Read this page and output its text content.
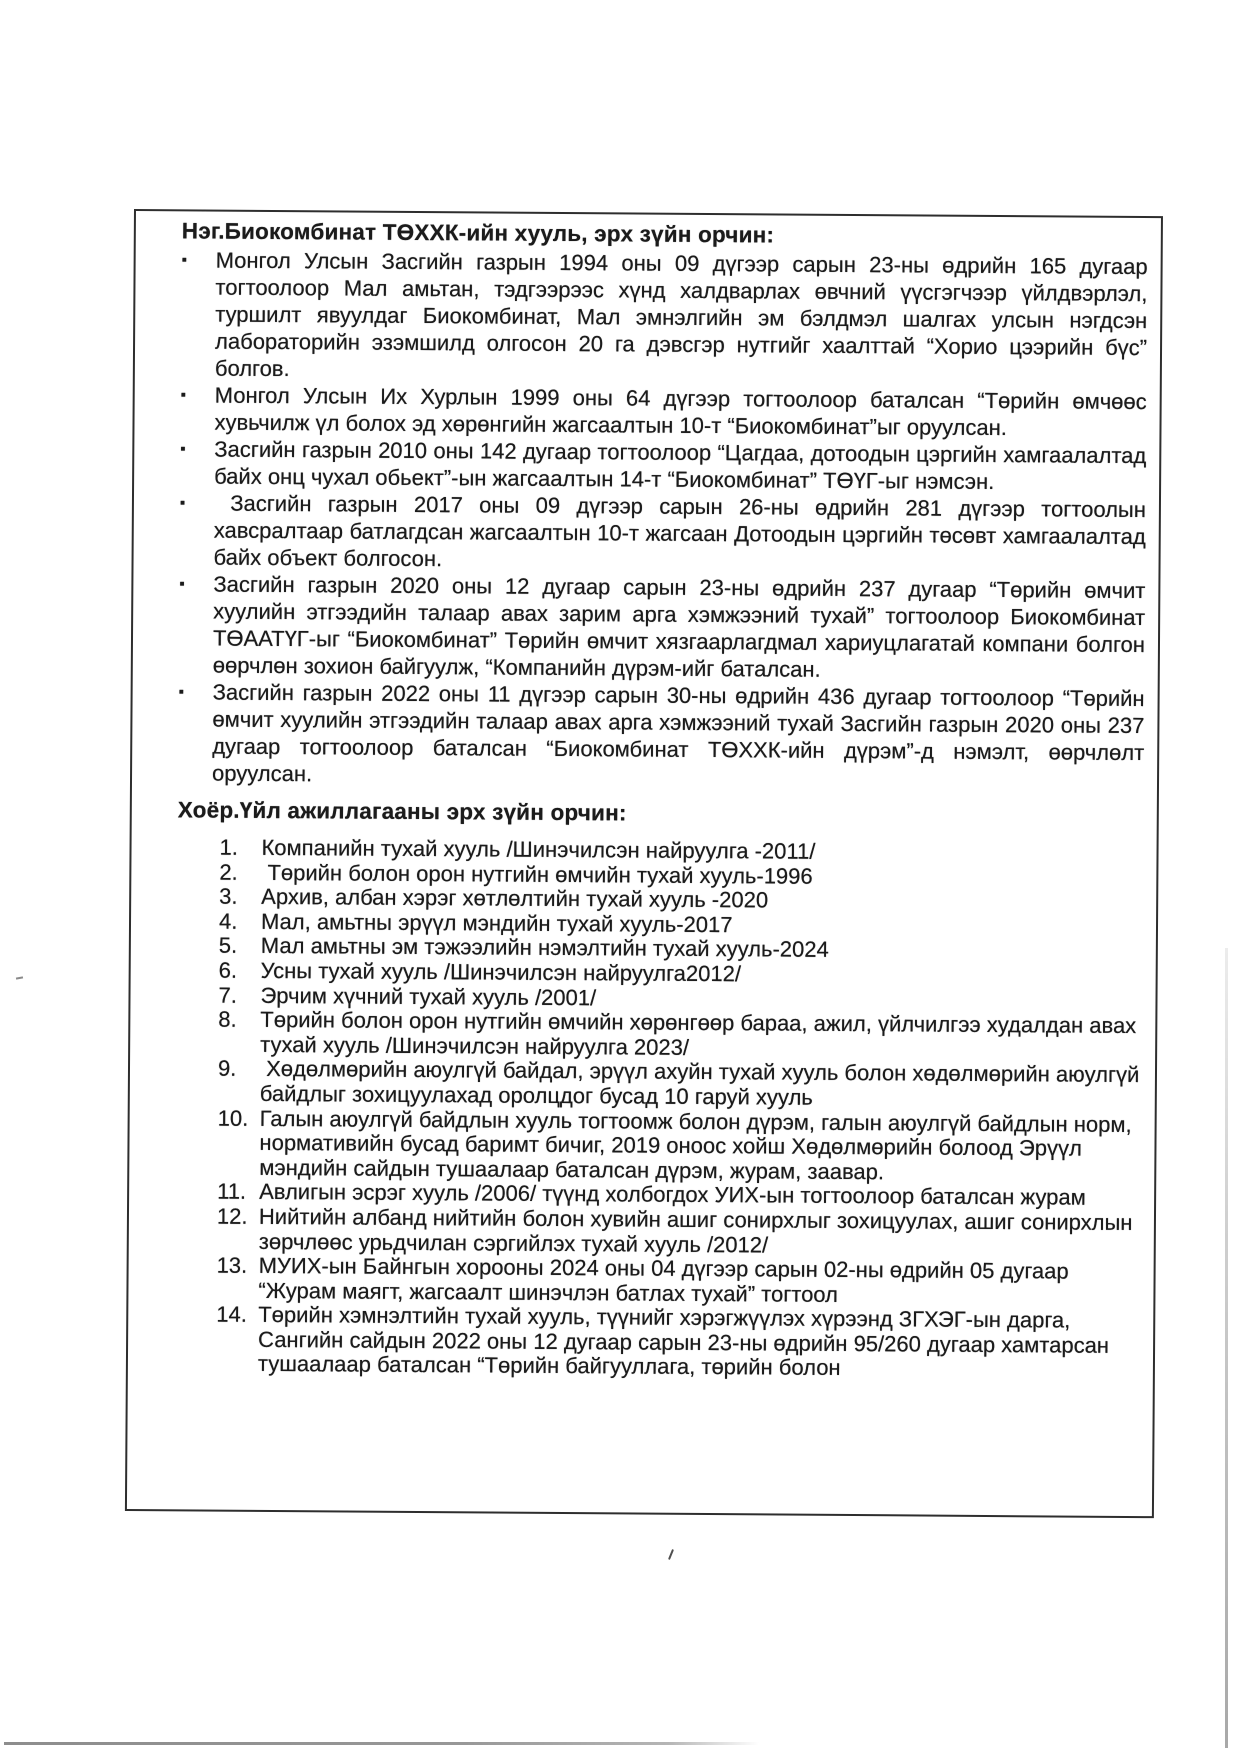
Нэг.Биокомбинат ТӨХХК-ийн хууль, эрх зүйн орчин:
▪ Монгол Улсын Засгийн газрын 1994 оны 09 дүгээр сарын 23-ны өдрийн 165 дугаар тогтоолоор Мал амьтан, тэдгээрээс хүнд халдварлах өвчний үүсгэгчээр үйлдвэрлэл, туршилт явуулдаг Биокомбинат, Мал эмнэлгийн эм бэлдмэл шалгах улсын нэгдсэн лабораторийн эзэмшилд олгосон 20 га дэвсгэр нутгийг хаалттай “Хорио цээрийн бүс” болгов.
▪ Монгол Улсын Их Хурлын 1999 оны 64 дүгээр тогтоолоор баталсан “Төрийн өмчөөс хувьчилж үл болох эд хөрөнгийн жагсаалтын 10-т “Биокомбинат”ыг оруулсан.
▪ Засгийн газрын 2010 оны 142 дугаар тогтоолоор “Цагдаа, дотоодын цэргийн хамгаалалтад байх онц чухал обьект”-ын жагсаалтын 14-т “Биокомбинат” ТӨҮГ-ыг нэмсэн.
▪ Засгийн газрын 2017 оны 09 дүгээр сарын 26-ны өдрийн 281 дүгээр тогтоолын хавсралтаар батлагдсан жагсаалтын 10-т жагсаан Дотоодын цэргийн төсөвт хамгаалалтад байх объект болгосон.
▪ Засгийн газрын 2020 оны 12 дугаар сарын 23-ны өдрийн 237 дугаар “Төрийн өмчит хуулийн этгээдийн талаар авах зарим арга хэмжээний тухай” тогтоолоор Биокомбинат ТӨААТҮГ-ыг “Биокомбинат” Төрийн өмчит хязгаарлагдмал хариуцлагатай компани болгон өөрчлөн зохион байгуулж, “Компанийн дүрэм-ийг баталсан.
▪ Засгийн газрын 2022 оны 11 дүгээр сарын 30-ны өдрийн 436 дугаар тогтоолоор “Төрийн өмчит хуулийн этгээдийн талаар авах арга хэмжээний тухай Засгийн газрын 2020 оны 237 дугаар тогтоолоор баталсан “Биокомбинат ТӨХХК-ийн дүрэм”-д нэмэлт, өөрчлөлт оруулсан.
Хоёр.Үйл ажиллагааны эрх зүйн орчин:
1.	Компанийн тухай хууль /Шинэчилсэн найруулга -2011/
2.	Төрийн болон орон нутгийн өмчийн тухай хууль-1996
3.	Архив, албан хэрэг хөтлөлтийн тухай хууль -2020
4.	Мал, амьтны эрүүл мэндийн тухай хууль-2017
5.	Мал амьтны эм тэжээлийн нэмэлтийн тухай хууль-2024
6.	Усны тухай хууль /Шинэчилсэн найруулга2012/
7.	Эрчим хүчний тухай хууль /2001/
8.	Төрийн болон орон нутгийн өмчийн хөрөнгөөр бараа, ажил, үйлчилгээ худалдан авах тухай хууль /Шинэчилсэн найруулга 2023/
9.	Хөдөлмөрийн аюулгүй байдал, эрүүл ахуйн тухай хууль болон хөдөлмөрийн аюулгүй байдлыг зохицуулахад оролцдог бусад 10 гаруй хууль
10. Галын аюулгүй байдлын хууль тогтоомж болон дүрэм, галын аюулгүй байдлын норм, нормативийн бусад баримт бичиг, 2019 оноос хойш Хөдөлмөрийн болоод Эрүүл мэндийн сайдын тушаалаар баталсан дүрэм, журам, заавар.
11. Авлигын эсрэг хууль /2006/ түүнд холбогдох УИХ-ын тогтоолоор баталсан журам
12. Нийтийн албанд нийтийн болон хувийн ашиг сонирхлыг зохицуулах, ашиг сонирхлын зөрчлөөс урьдчилан сэргийлэх тухай хууль /2012/
13. МУИХ-ын Байнгын хорооны 2024 оны 04 дүгээр сарын 02-ны өдрийн 05 дугаар “Журам маягт, жагсаалт шинэчлэн батлах тухай” тогтоол
14. Төрийн хэмнэлтийн тухай хууль, түүнийг хэрэгжүүлэх хүрээнд ЗГХЭГ-ын дарга, Сангийн сайдын 2022 оны 12 дугаар сарын 23-ны өдрийн 95/260 дугаар хамтарсан тушаалаар баталсан “Төрийн байгууллага, төрийн болон
